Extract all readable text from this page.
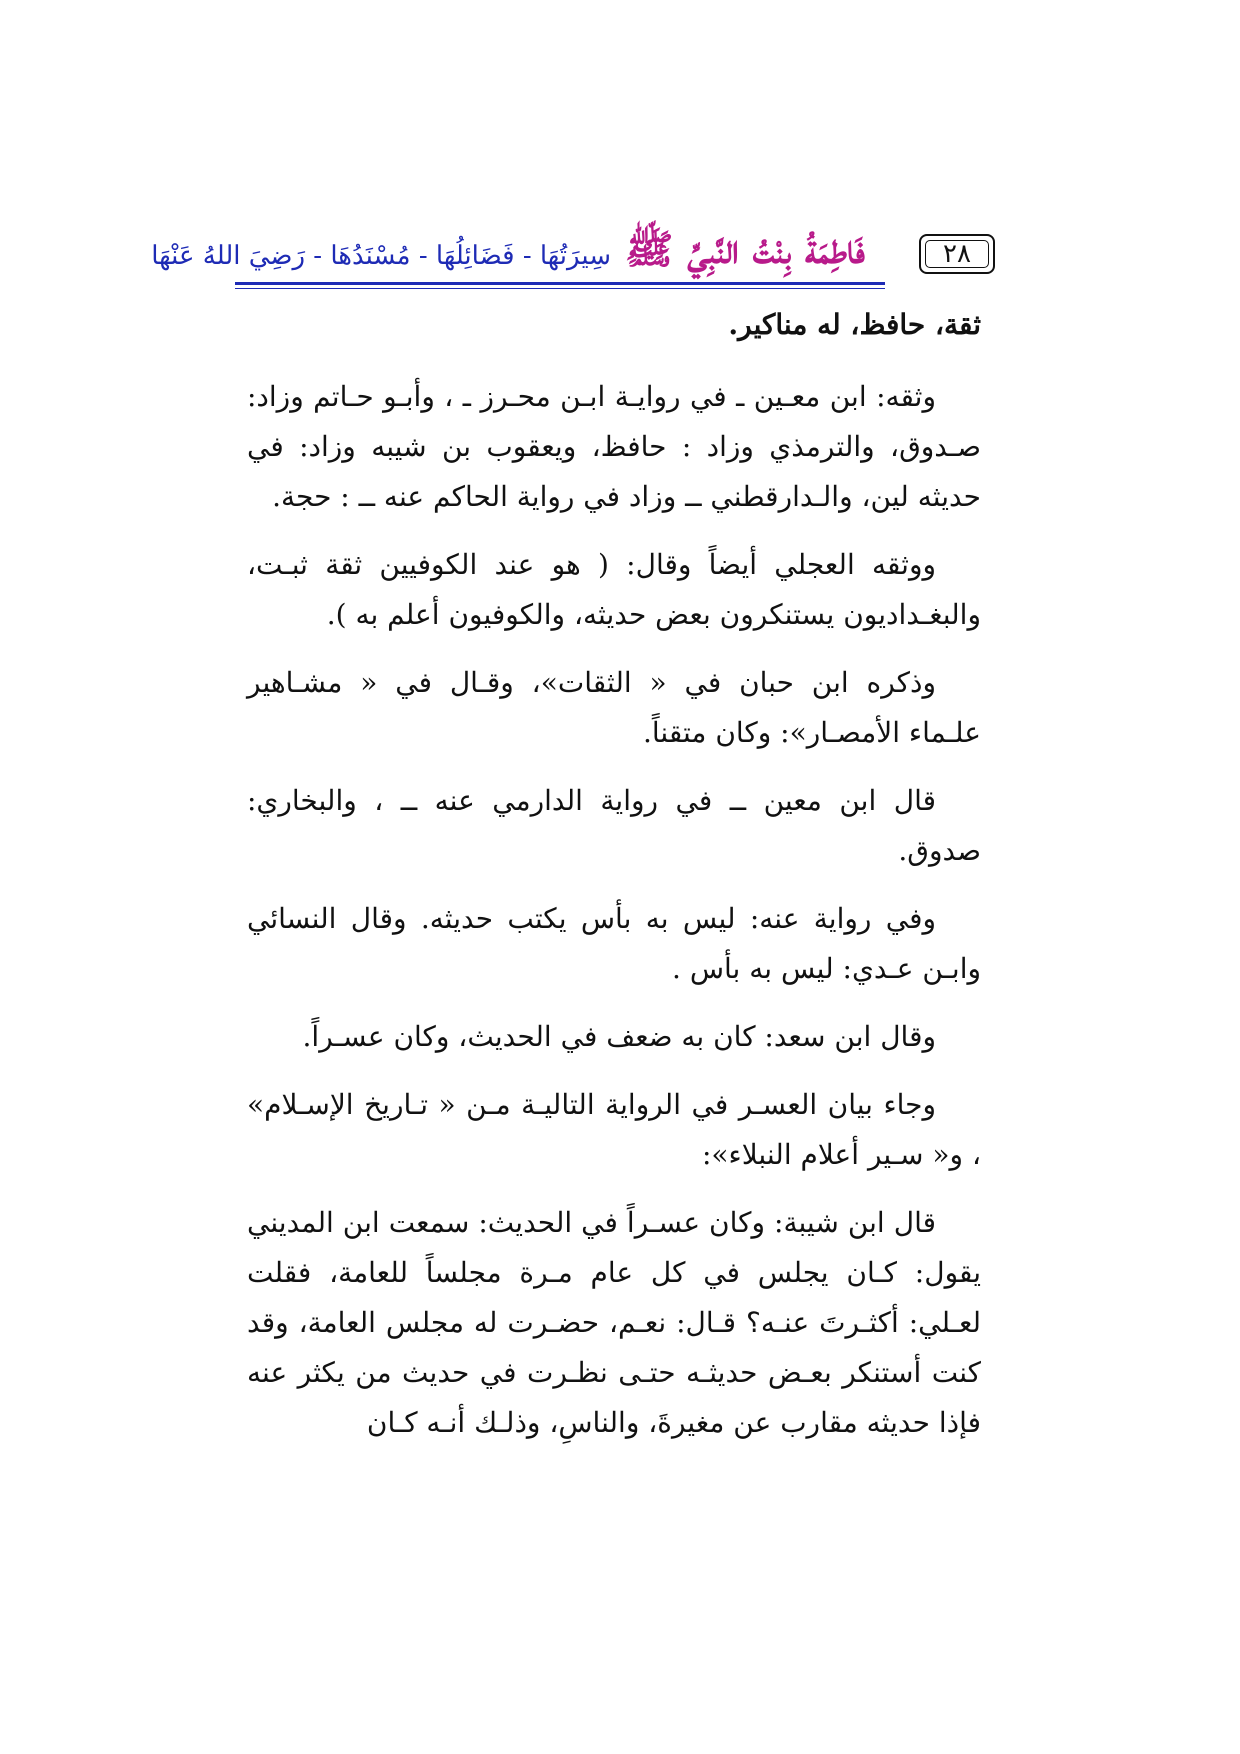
٢٨
فَاطِمَةُ بِنْتُ النَّبِيِّ ﷺ
سِيرَتُهَا - فَضَائِلُهَا - مُسْنَدُهَا - رَضِيَ اللهُ عَنْهَا

ثقة، حافظ، له مناكير.

وثقه: ابن معـين ـ في روايـة ابـن محـرز ـ ، وأبـو حـاتم وزاد: صـدوق، والترمذي وزاد : حافظ، ويعقوب بن شيبه وزاد: في حديثه لين، والـدارقطني ــ وزاد في رواية الحاكم عنه ــ : حجة.

ووثقه العجلي أيضاً وقال: ( هو عند الكوفيين ثقة ثبـت، والبغـداديون يستنكرون بعض حديثه، والكوفيون أعلم به ).

وذكره ابن حبان في « الثقات»، وقـال في « مشـاهير علـماء الأمصـار»: وكان متقناً.

قال ابن معين ــ في رواية الدارمي عنه ــ ، والبخاري: صدوق.

وفي رواية عنه: ليس به بأس يكتب حديثه. وقال النسائي وابـن عـدي: ليس به بأس .

وقال ابن سعد: كان به ضعف في الحديث، وكان عسـراً.

وجاء بيان العسـر في الرواية التاليـة مـن « تـاريخ الإسـلام» ، و« سـير أعلام النبلاء»:

قال ابن شيبة: وكان عسـراً في الحديث: سمعت ابن المديني يقول: كـان يجلس في كل عام مـرة مجلساً للعامة، فقلت لعـلي: أكثـرتَ عنـه؟ قـال: نعـم، حضـرت له مجلس العامة، وقد كنت أستنكر بعـض حديثـه حتـى نظـرت في حديث من يكثر عنه فإذا حديثه مقارب عن مغيرةَ، والناسِ، وذلـك أنـه كـان
